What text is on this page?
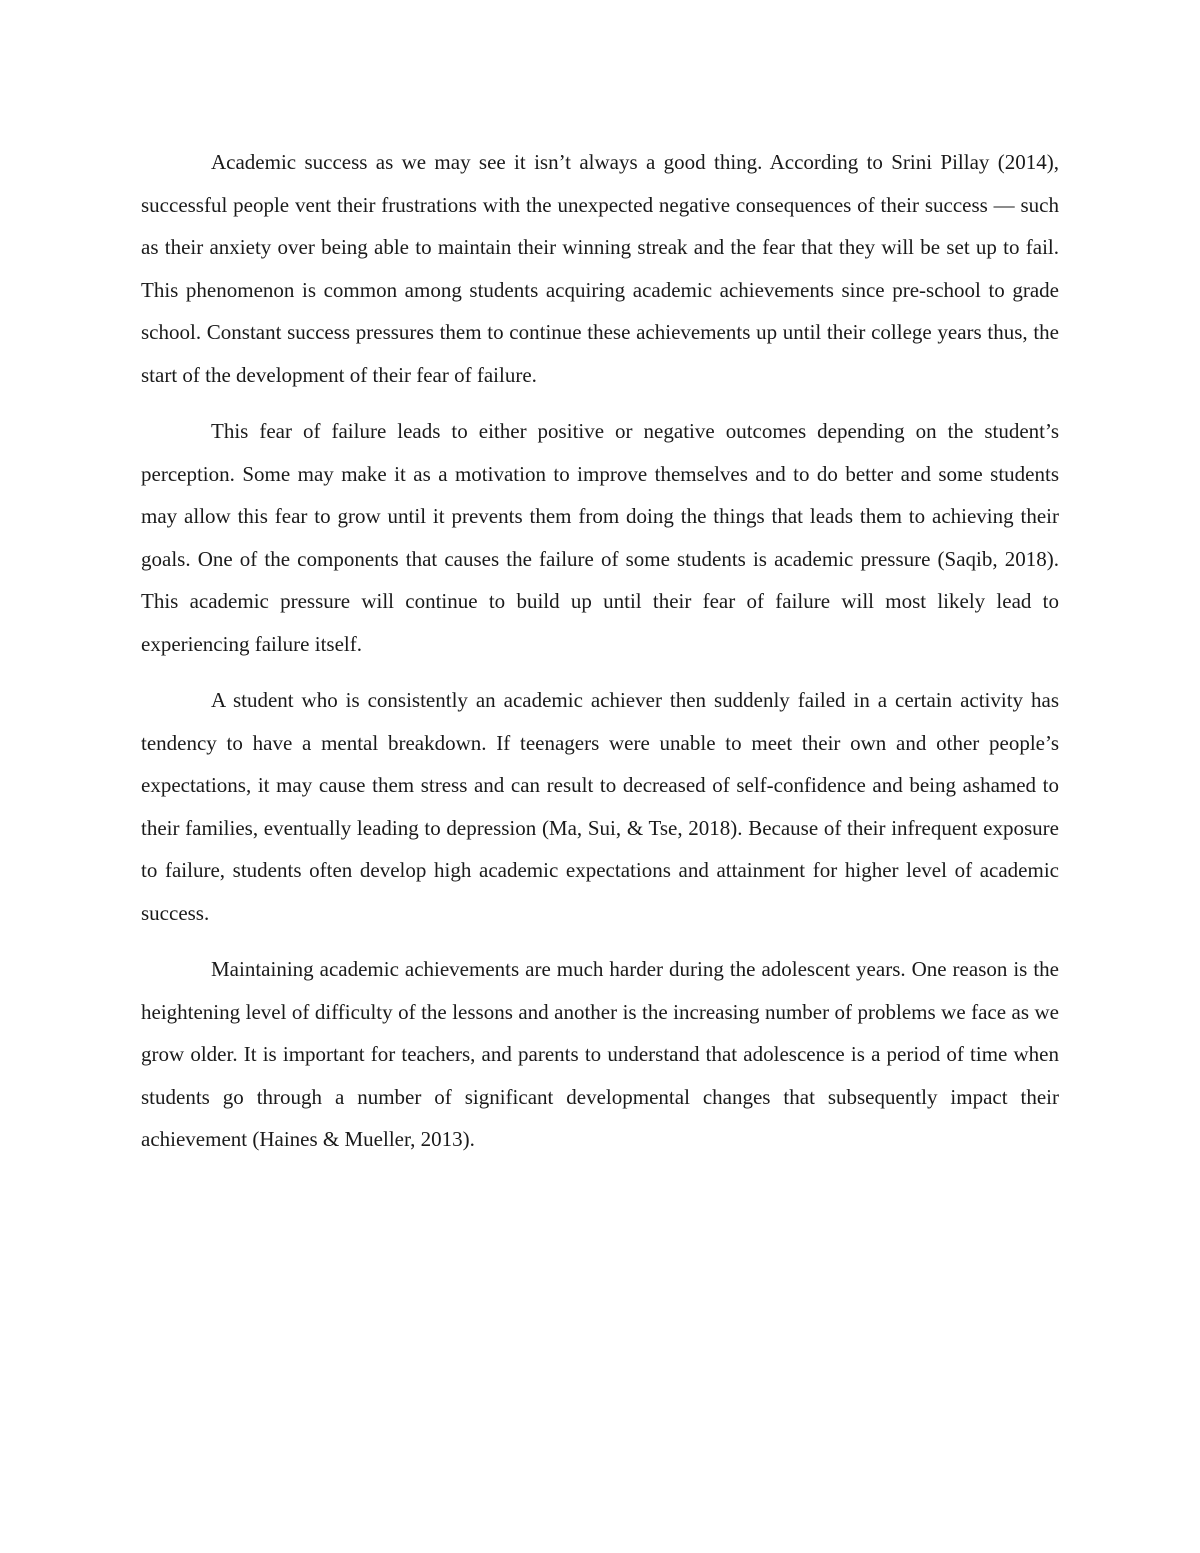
Academic success as we may see it isn’t always a good thing. According to Srini Pillay (2014), successful people vent their frustrations with the unexpected negative consequences of their success — such as their anxiety over being able to maintain their winning streak and the fear that they will be set up to fail. This phenomenon is common among students acquiring academic achievements since pre-school to grade school. Constant success pressures them to continue these achievements up until their college years thus, the start of the development of their fear of failure.

This fear of failure leads to either positive or negative outcomes depending on the student’s perception. Some may make it as a motivation to improve themselves and to do better and some students may allow this fear to grow until it prevents them from doing the things that leads them to achieving their goals. One of the components that causes the failure of some students is academic pressure (Saqib, 2018). This academic pressure will continue to build up until their fear of failure will most likely lead to experiencing failure itself.

A student who is consistently an academic achiever then suddenly failed in a certain activity has tendency to have a mental breakdown. If teenagers were unable to meet their own and other people’s expectations, it may cause them stress and can result to decreased of self-confidence and being ashamed to their families, eventually leading to depression (Ma, Sui, & Tse, 2018). Because of their infrequent exposure to failure, students often develop high academic expectations and attainment for higher level of academic success.

Maintaining academic achievements are much harder during the adolescent years. One reason is the heightening level of difficulty of the lessons and another is the increasing number of problems we face as we grow older. It is important for teachers, and parents to understand that adolescence is a period of time when students go through a number of significant developmental changes that subsequently impact their achievement (Haines & Mueller, 2013).
